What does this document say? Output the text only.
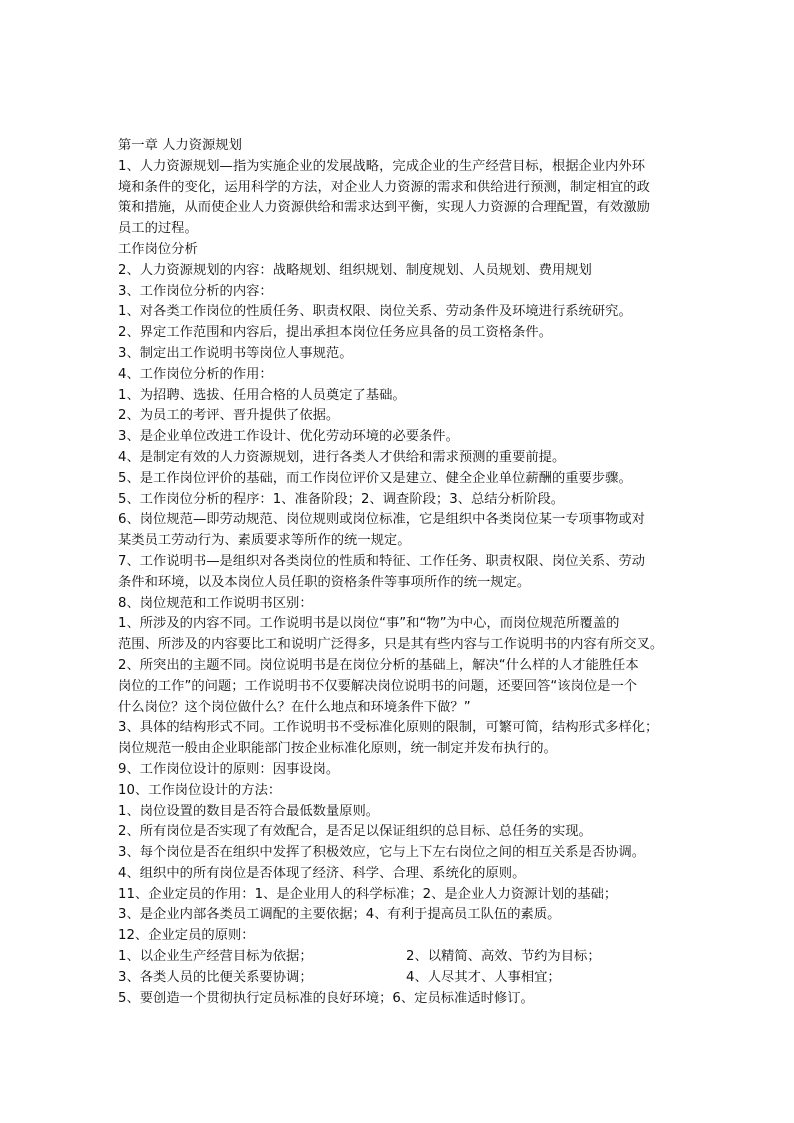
第一章 人力资源规划
1、人力资源规划—指为实施企业的发展战略，完成企业的生产经营目标，根据企业内外环
境和条件的变化，运用科学的方法，对企业人力资源的需求和供给进行预测，制定相宜的政
策和措施，从而使企业人力资源供给和需求达到平衡，实现人力资源的合理配置，有效激励
员工的过程。
工作岗位分析
2、人力资源规划的内容：战略规划、组织规划、制度规划、人员规划、费用规划
3、工作岗位分析的内容：
1、对各类工作岗位的性质任务、职责权限、岗位关系、劳动条件及环境进行系统研究。
2、界定工作范围和内容后，提出承担本岗位任务应具备的员工资格条件。
3、制定出工作说明书等岗位人事规范。
4、工作岗位分析的作用：
1、为招聘、选拔、任用合格的人员奠定了基础。
2、为员工的考评、晋升提供了依据。
3、是企业单位改进工作设计、优化劳动环境的必要条件。
4、是制定有效的人力资源规划，进行各类人才供给和需求预测的重要前提。
5、是工作岗位评价的基础，而工作岗位评价又是建立、健全企业单位薪酬的重要步骤。
5、工作岗位分析的程序：1、准备阶段；2、调查阶段；3、总结分析阶段。
6、岗位规范—即劳动规范、岗位规则或岗位标准，它是组织中各类岗位某一专项事物或对
某类员工劳动行为、素质要求等所作的统一规定。
7、工作说明书—是组织对各类岗位的性质和特征、工作任务、职责权限、岗位关系、劳动
条件和环境，以及本岗位人员任职的资格条件等事项所作的统一规定。
8、岗位规范和工作说明书区别：
1、所涉及的内容不同。工作说明书是以岗位“事”和“物”为中心，而岗位规范所覆盖的
范围、所涉及的内容要比工和说明广泛得多，只是其有些内容与工作说明书的内容有所交叉。
2、所突出的主题不同。岗位说明书是在岗位分析的基础上，解决“什么样的人才能胜任本
岗位的工作”的问题；工作说明书不仅要解决岗位说明书的问题，还要回答“该岗位是一个
什么岗位？这个岗位做什么？在什么地点和环境条件下做？”
3、具体的结构形式不同。工作说明书不受标准化原则的限制，可繁可简，结构形式多样化；
岗位规范一般由企业职能部门按企业标准化原则，统一制定并发布执行的。
9、工作岗位设计的原则：因事设岗。
10、工作岗位设计的方法：
1、岗位设置的数目是否符合最低数量原则。
2、所有岗位是否实现了有效配合，是否足以保证组织的总目标、总任务的实现。
3、每个岗位是否在组织中发挥了积极效应，它与上下左右岗位之间的相互关系是否协调。
4、组织中的所有岗位是否体现了经济、科学、合理、系统化的原则。
11、企业定员的作用：1、是企业用人的科学标准；2、是企业人力资源计划的基础；
3、是企业内部各类员工调配的主要依据；4、有利于提高员工队伍的素质。
12、企业定员的原则：
1、以企业生产经营目标为依据；	2、以精简、高效、节约为目标；
3、各类人员的比便关系要协调；	4、人尽其才、人事相宜；
5、要创造一个贯彻执行定员标准的良好环境；6、定员标准适时修订。
